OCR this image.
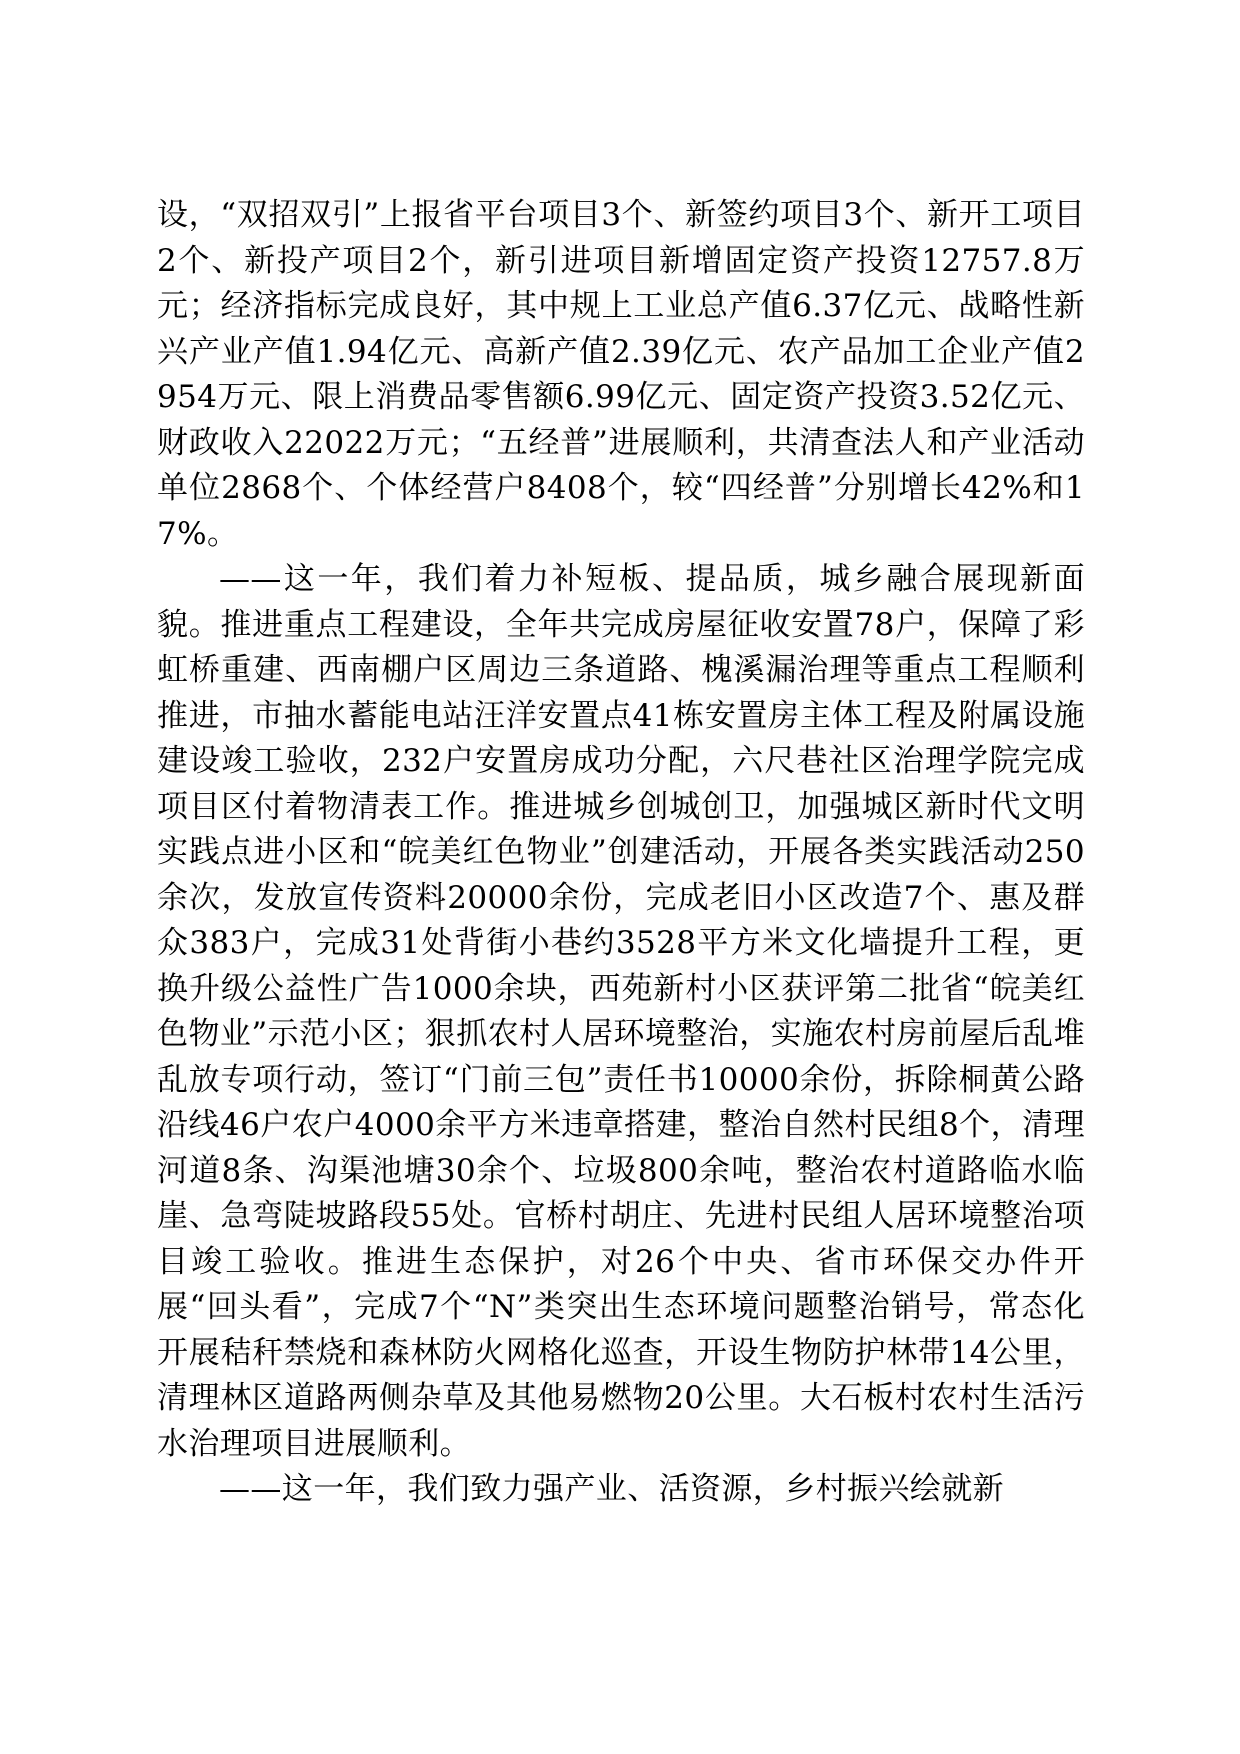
设，“双招双引”上报省平台项目3个、新签约项目3个、新开工项目2个、新投产项目2个，新引进项目新增固定资产投资12757.8万元；经济指标完成良好，其中规上工业总产值6.37亿元、战略性新兴产业产值1.94亿元、高新产值2.39亿元、农产品加工企业产值2954万元、限上消费品零售额6.99亿元、固定资产投资3.52亿元、财政收入22022万元；“五经普”进展顺利，共清查法人和产业活动单位2868个、个体经营户8408个，较“四经普”分别增长42%和17%。

——这一年，我们着力补短板、提品质，城乡融合展现新面貌。推进重点工程建设，全年共完成房屋征收安置78户，保障了彩虹桥重建、西南棚户区周边三条道路、槐溪漏治理等重点工程顺利推进，市抽水蓄能电站汪洋安置点41栋安置房主体工程及附属设施建设竣工验收，232户安置房成功分配，六尺巷社区治理学院完成项目区付着物清表工作。推进城乡创城创卫，加强城区新时代文明实践点进小区和“皖美红色物业”创建活动，开展各类实践活动250余次，发放宣传资料20000余份，完成老旧小区改造7个、惠及群众383户，完成31处背街小巷约3528平方米文化墙提升工程，更换升级公益性广告1000余块，西苑新村小区获评第二批省“皖美红色物业”示范小区；狠抓农村人居环境整治，实施农村房前屋后乱堆乱放专项行动，签订“门前三包”责任书10000余份，拆除桐黄公路沿线46户农户4000余平方米违章搭建，整治自然村民组8个，清理河道8条、沟渠池塘30余个、垃圾800余吨，整治农村道路临水临崖、急弯陡坡路段55处。官桥村胡庄、先进村民组人居环境整治项目竣工验收。推进生态保护，对26个中央、省市环保交办件开展“回头看”，完成7个“N”类突出生态环境问题整治销号，常态化开展秸秆禁烧和森林防火网格化巡查，开设生物防护林带14公里，清理林区道路两侧杂草及其他易燃物20公里。大石板村农村生活污水治理项目进展顺利。

——这一年，我们致力强产业、活资源，乡村振兴绘就新
